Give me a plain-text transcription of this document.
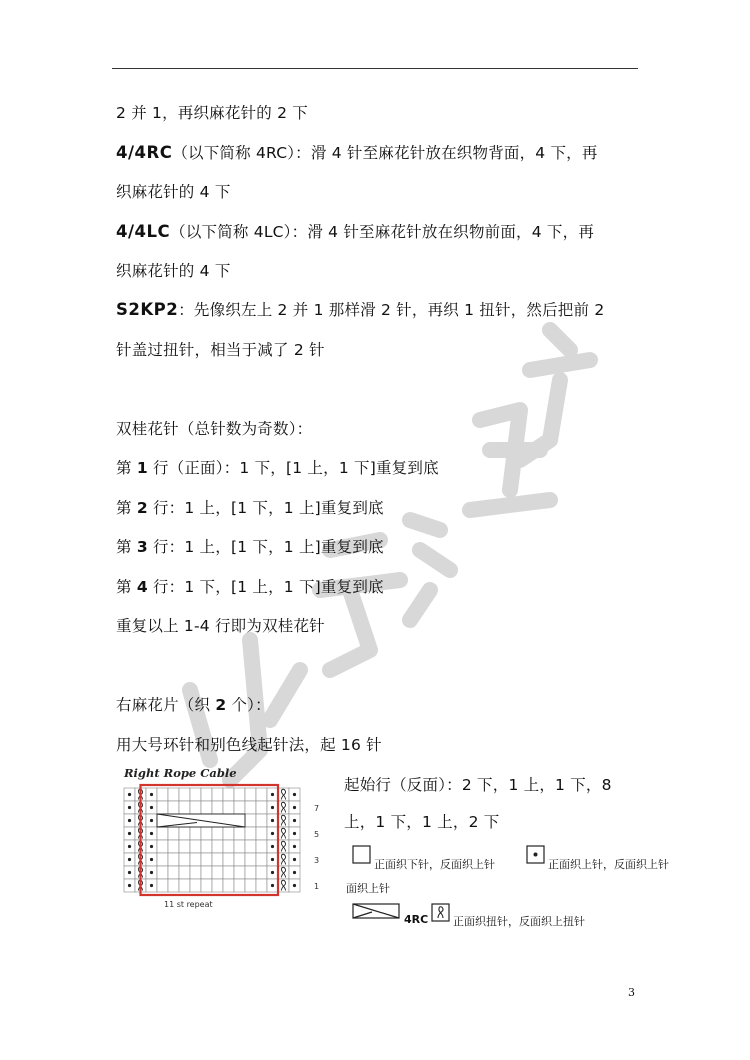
2 并 1，再织麻花针的 2 下
4/4RC（以下简称 4RC）：滑 4 针至麻花针放在织物背面，4 下，再
织麻花针的 4 下
4/4LC（以下简称 4LC）：滑 4 针至麻花针放在织物前面，4 下，再
织麻花针的 4 下
S2KP2：先像织左上 2 并 1 那样滑 2 针，再织 1 扭针，然后把前 2
针盖过扭针，相当于减了 2 针
双桂花针（总针数为奇数）：
第 1 行（正面）：1 下，[1 上，1 下]重复到底
第 2 行：1 上，[1 下，1 上]重复到底
第 3 行：1 上，[1 下，1 上]重复到底
第 4 行：1 下，[1 上，1 下]重复到底
重复以上 1-4 行即为双桂花针
右麻花片（织 2 个）：
用大号环针和别色线起针法，起 16 针
Right Rope Cable
7
5
3
1
11 st repeat
起始行（反面）：2 下，1 上，1 下，8
上，1 下，1 上，2 下
正面织下针，反面织上针	正面织上针，反面织上针
面织上针
4RC 正面织扭针，反面织上扭针
3
